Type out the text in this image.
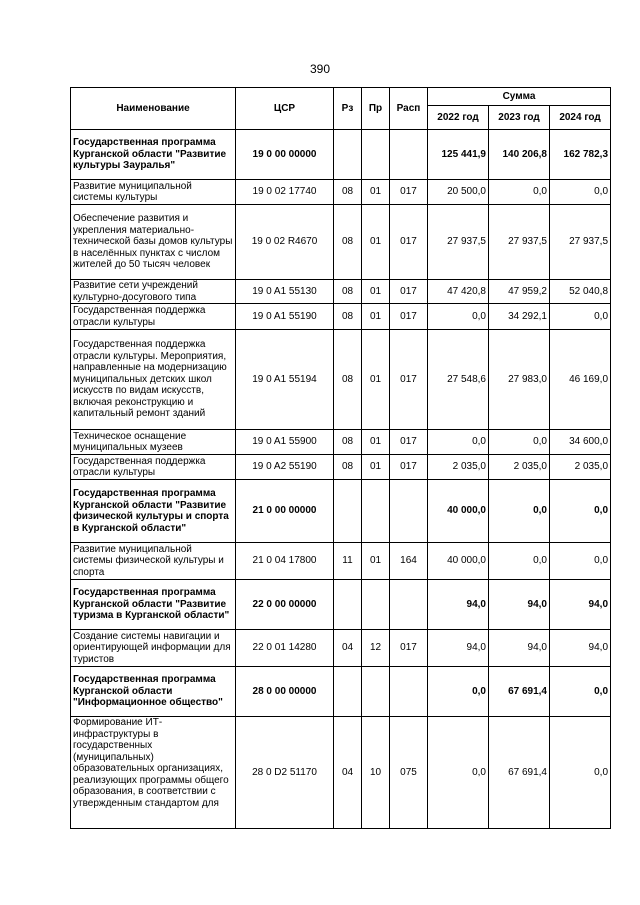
390
Наименование	ЦСР	Рз	Пр	Расп	Сумма		
					2022 год	2023 год	2024 год
Государственная программа Курганской области "Развитие культуры Зауралья"	19 0 00 00000				125 441,9	140 206,8	162 782,3
Развитие муниципальной системы культуры	19 0 02 17740	08	01	017	20 500,0	0,0	0,0
Обеспечение развития и укрепления материально-технической базы домов культуры в населённых пунктах с числом жителей до 50 тысяч человек	19 0 02 R4670	08	01	017	27 937,5	27 937,5	27 937,5
Развитие сети учреждений культурно-досугового типа	19 0 A1 55130	08	01	017	47 420,8	47 959,2	52 040,8
Государственная поддержка отрасли культуры	19 0 A1 55190	08	01	017	0,0	34 292,1	0,0
Государственная поддержка отрасли культуры. Мероприятия, направленные на модернизацию муниципальных детских школ искусств по видам искусств, включая реконструкцию и капитальный ремонт зданий	19 0 A1 55194	08	01	017	27 548,6	27 983,0	46 169,0
Техническое оснащение муниципальных музеев	19 0 A1 55900	08	01	017	0,0	0,0	34 600,0
Государственная поддержка отрасли культуры	19 0 A2 55190	08	01	017	2 035,0	2 035,0	2 035,0
Государственная программа Курганской области "Развитие физической культуры и спорта в Курганской области"	21 0 00 00000				40 000,0	0,0	0,0
Развитие муниципальной системы физической культуры и спорта	21 0 04 17800	11	01	164	40 000,0	0,0	0,0
Государственная программа Курганской области "Развитие туризма в Курганской области"	22 0 00 00000				94,0	94,0	94,0
Создание системы навигации и ориентирующей информации для туристов	22 0 01 14280	04	12	017	94,0	94,0	94,0
Государственная программа Курганской области "Информационное общество"	28 0 00 00000				0,0	67 691,4	0,0
Формирование ИТ-инфраструктуры в государственных (муниципальных) образовательных организациях, реализующих программы общего образования, в соответствии с утвержденным стандартом для	28 0 D2 51170	04	10	075	0,0	67 691,4	0,0
